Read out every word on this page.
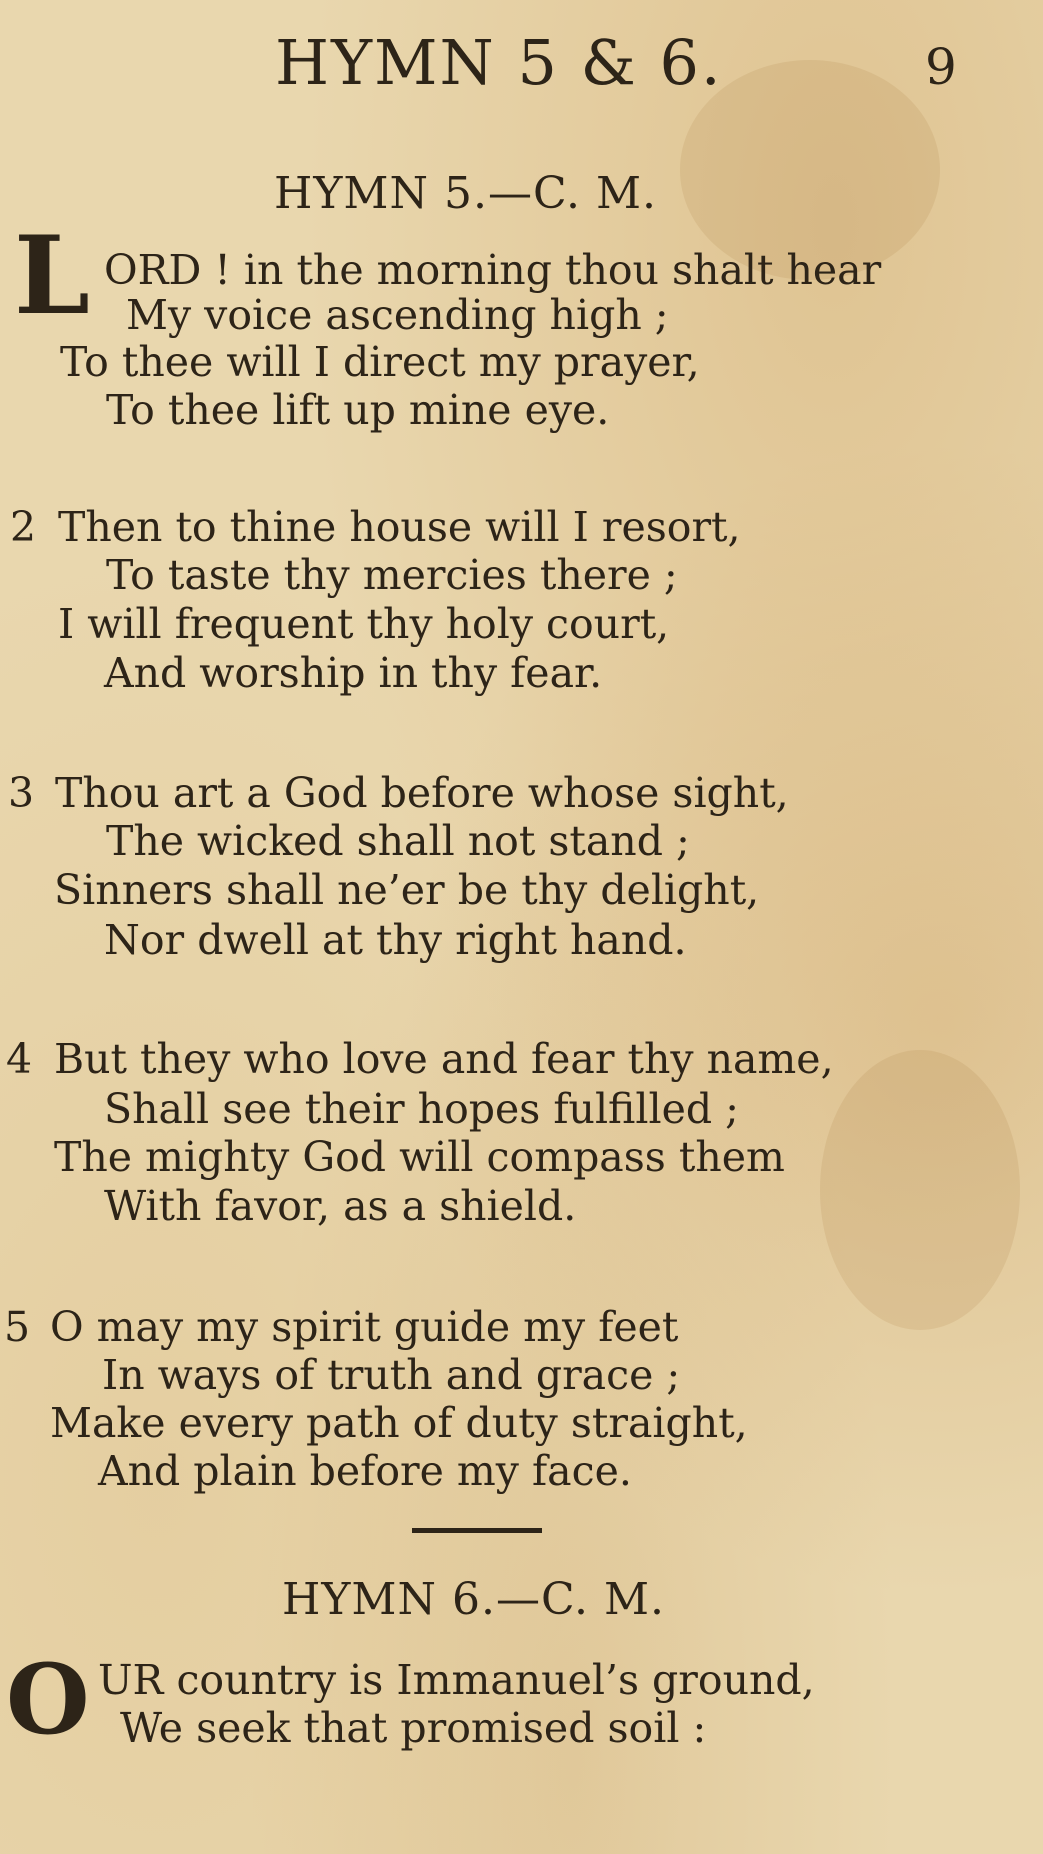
HYMN 5 & 6.	9
HYMN 5.—C. M.
L ORD ! in the morning thou shalt hear
My voice ascending high ;
To thee will I direct my prayer,
To thee lift up mine eye.
2 Then to thine house will I resort,
To taste thy mercies there ;
I will frequent thy holy court,
And worship in thy fear.
3 Thou art a God before whose sight,
The wicked shall not stand ;
Sinners shall ne’er be thy delight,
Nor dwell at thy right hand.
4 But they who love and fear thy name,
Shall see their hopes fulfilled ;
The mighty God will compass them
With favor, as a shield.
5 O may my spirit guide my feet
In ways of truth and grace ;
Make every path of duty straight,
And plain before my face.
HYMN 6.—C. M.
O UR country is Immanuel’s ground,
We seek that promised soil :
